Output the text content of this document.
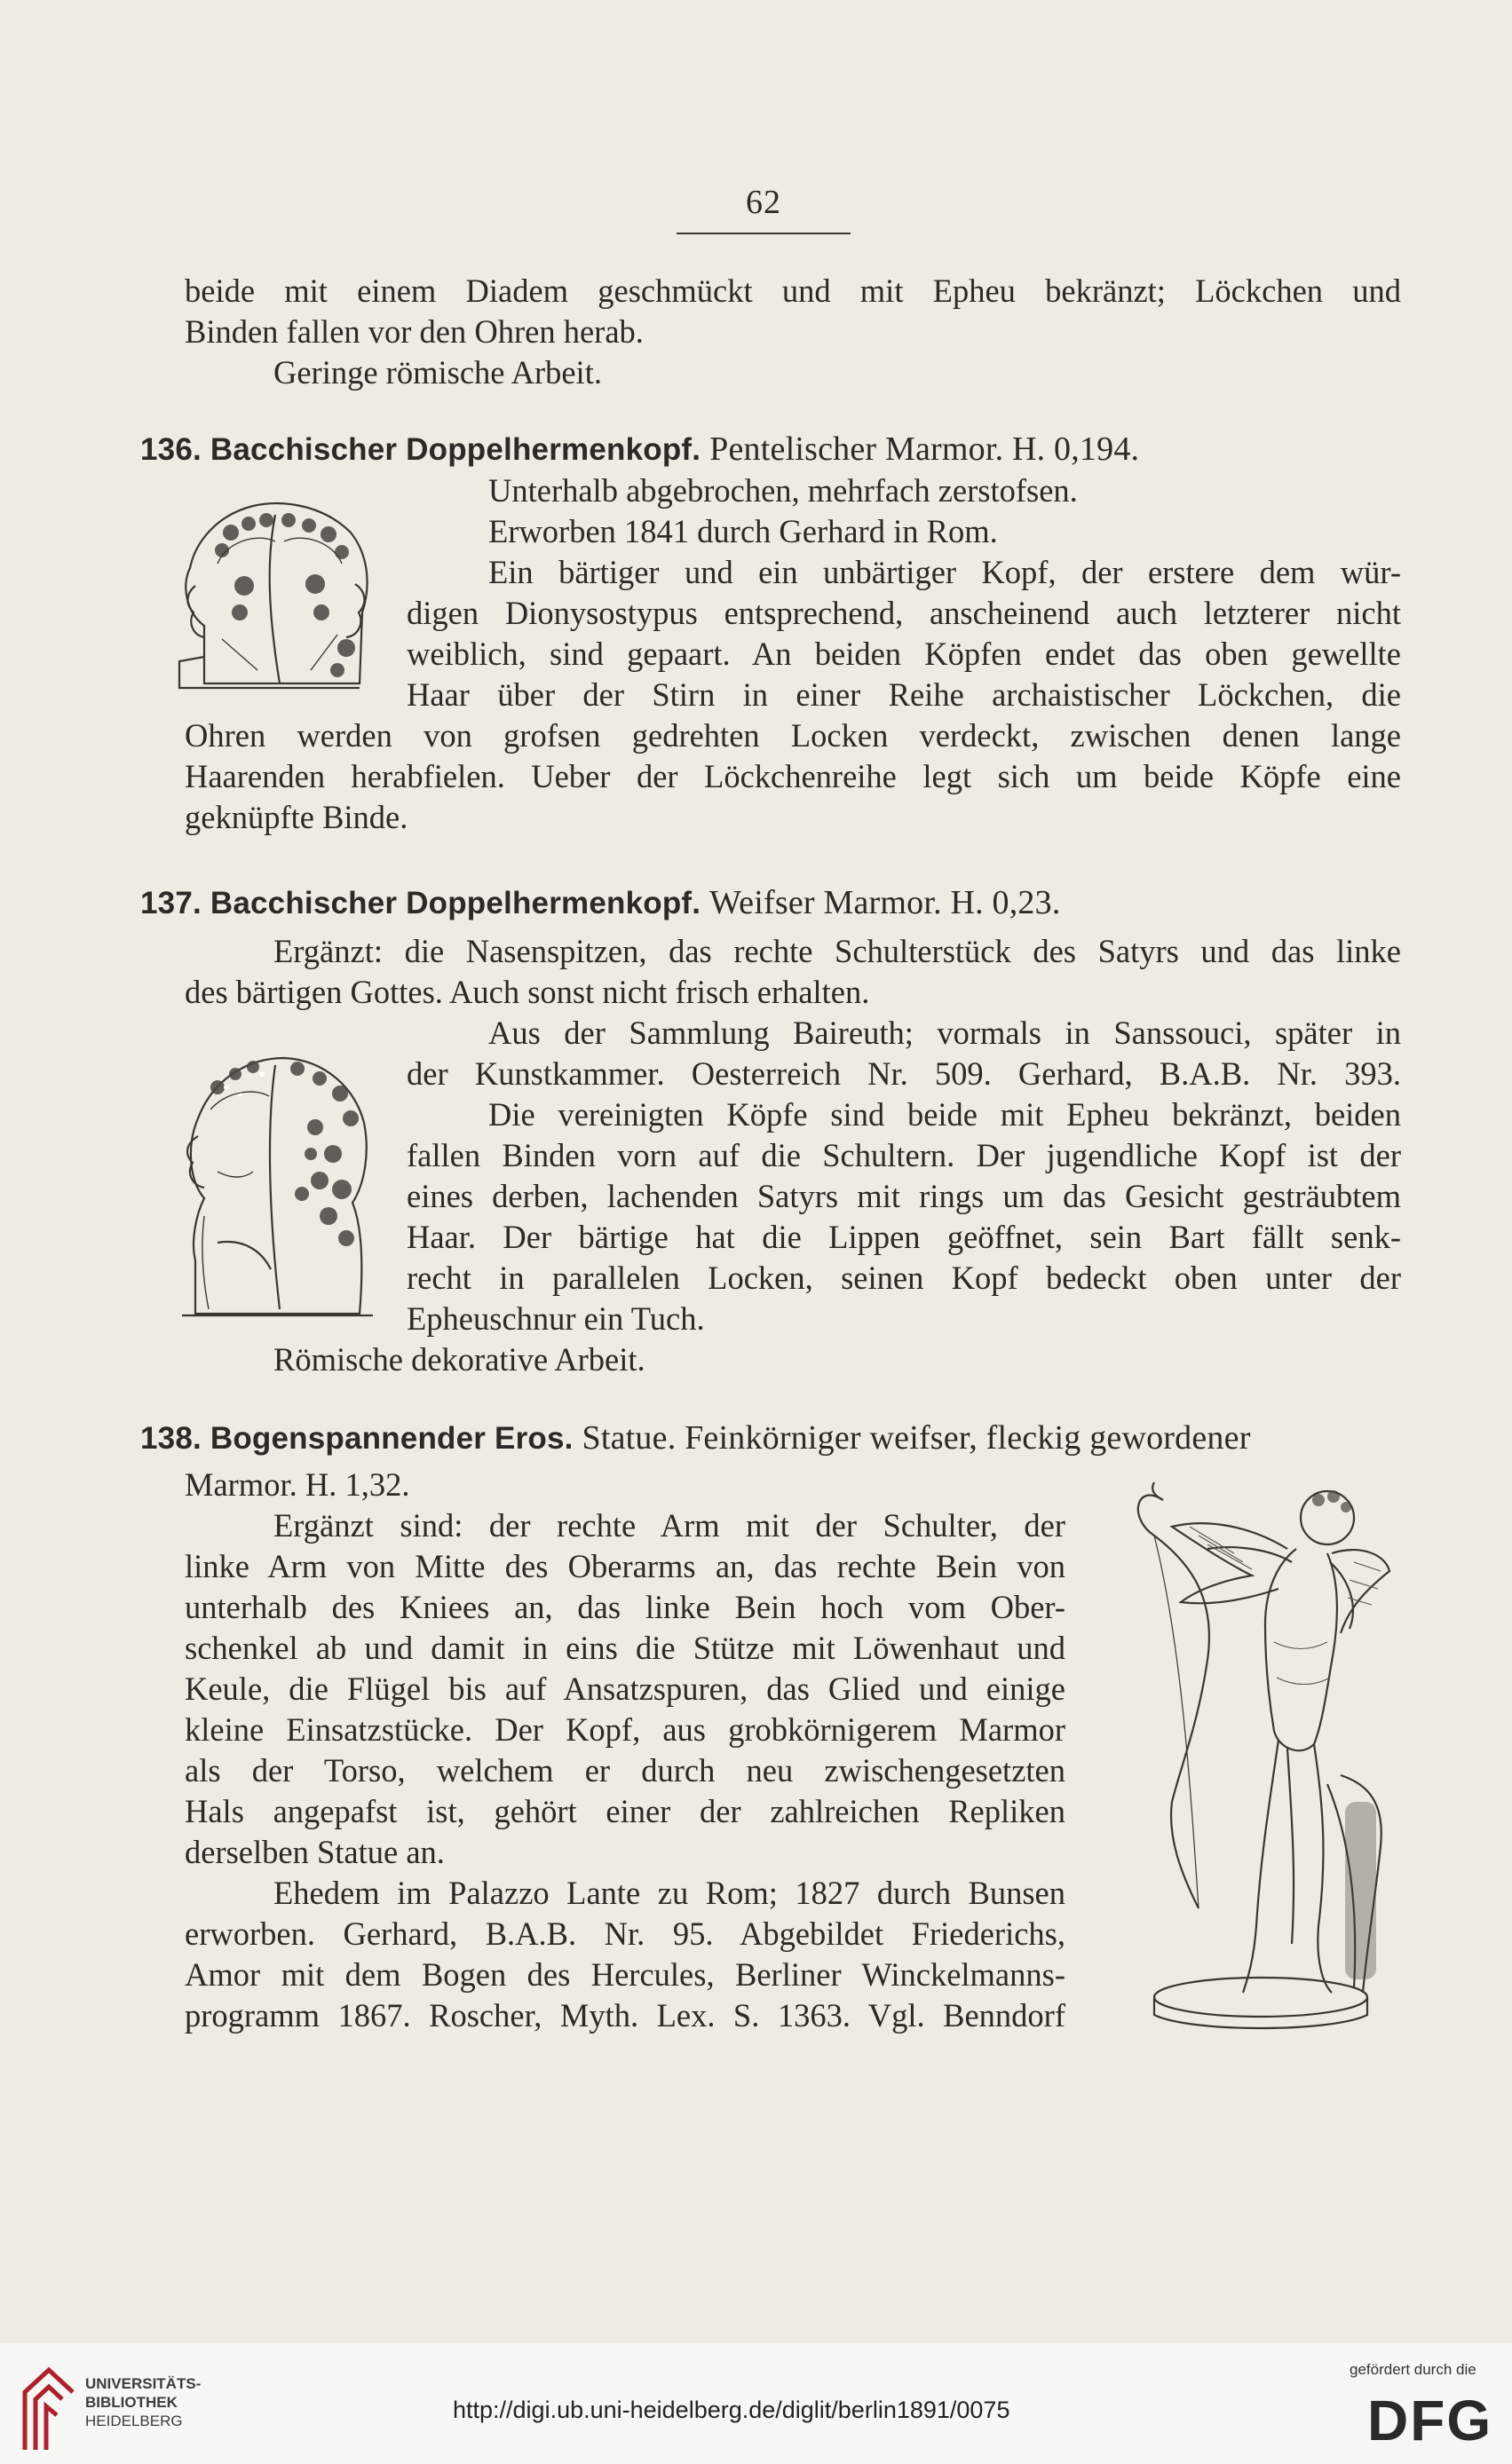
62
beide mit einem Diadem geschmückt und mit Epheu bekränzt; Löckchen und
Binden fallen vor den Ohren herab.
Geringe römische Arbeit.
136. Bacchischer Doppelhermenkopf. Pentelischer Marmor. H. 0,194.
Unterhalb abgebrochen, mehrfach zerstofsen.
Erworben 1841 durch Gerhard in Rom.
Ein bärtiger und ein unbärtiger Kopf, der erstere dem wür-
digen Dionysostypus entsprechend, anscheinend auch letzterer nicht
weiblich, sind gepaart. An beiden Köpfen endet das oben gewellte
Haar über der Stirn in einer Reihe archaistischer Löckchen, die
Ohren werden von grofsen gedrehten Locken verdeckt, zwischen denen lange
Haarenden herabfielen. Ueber der Löckchenreihe legt sich um beide Köpfe eine
geknüpfte Binde.
137. Bacchischer Doppelhermenkopf. Weifser Marmor. H. 0,23.
Ergänzt: die Nasenspitzen, das rechte Schulterstück des Satyrs und das linke
des bärtigen Gottes. Auch sonst nicht frisch erhalten.
Aus der Sammlung Baireuth; vormals in Sanssouci, später in
der Kunstkammer. Oesterreich Nr. 509. Gerhard, B.A.B. Nr. 393.
Die vereinigten Köpfe sind beide mit Epheu bekränzt, beiden
fallen Binden vorn auf die Schultern. Der jugendliche Kopf ist der
eines derben, lachenden Satyrs mit rings um das Gesicht gesträubtem
Haar. Der bärtige hat die Lippen geöffnet, sein Bart fällt senk-
recht in parallelen Locken, seinen Kopf bedeckt oben unter der
Epheuschnur ein Tuch.
Römische dekorative Arbeit.
138. Bogenspannender Eros. Statue. Feinkörniger weifser, fleckig gewordener
Marmor. H. 1,32.
Ergänzt sind: der rechte Arm mit der Schulter, der
linke Arm von Mitte des Oberarms an, das rechte Bein von
unterhalb des Kniees an, das linke Bein hoch vom Ober-
schenkel ab und damit in eins die Stütze mit Löwenhaut und
Keule, die Flügel bis auf Ansatzspuren, das Glied und einige
kleine Einsatzstücke. Der Kopf, aus grobkörnigerem Marmor
als der Torso, welchem er durch neu zwischengesetzten
Hals angepafst ist, gehört einer der zahlreichen Repliken
derselben Statue an.
Ehedem im Palazzo Lante zu Rom; 1827 durch Bunsen
erworben. Gerhard, B.A.B. Nr. 95. Abgebildet Friederichs,
Amor mit dem Bogen des Hercules, Berliner Winckelmanns-
programm 1867. Roscher, Myth. Lex. S. 1363. Vgl. Benndorf
UNIVERSITÄTS-
BIBLIOTHEK
HEIDELBERG	http://digi.ub.uni-heidelberg.de/diglit/berlin1891/0075
gefördert durch die
DFG
